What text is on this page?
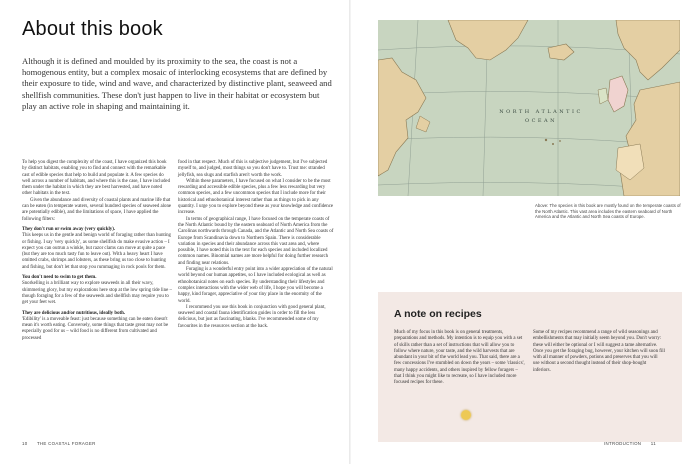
About this book

Although it is defined and moulded by its proximity to the sea, the coast is not a homogenous entity, but a complex mosaic of interlocking ecosystems that are defined by their exposure to tide, wind and wave, and characterized by distinctive plant, seaweed and shellfish communities. These don't just happen to live in their habitat or ecosystem but play an active role in shaping and maintaining it.

To help you digest the complexity of the coast, I have organized this book by distinct habitats, enabling you to find and connect with the remarkable cast of edible species that help to build and populate it. A few species do well across a number of habitats, and where this is the case, I have included them under the habitat in which they are best harvested, and have noted other habitats in the text.

Given the abundance and diversity of coastal plants and marine life that can be eaten (in temperate waters, several hundred species of seaweed alone are potentially edible), and the limitations of space, I have applied the following filters:

They don't run or swim away (very quickly).

This keeps us in the gentle and benign world of foraging rather than hunting or fishing. I say 'very quickly', as some shellfish do make evasive action – I expect you can outrun a winkle, but razor clams can move at quite a pace (but they are too much tasty fun to leave out). With a heavy heart I have omitted crabs, shrimps and lobsters, as these bring us too close to hunting and fishing, but don't let that stop you rummaging in rock pools for them.

You don't need to swim to get them.

Snorkelling is a brilliant way to explore seaweeds in all their wavy, shimmering glory, but my explorations here stop at the low spring tide line – though foraging for a few of the seaweeds and shellfish may require you to get your feet wet.

They are delicious and/or nutritious, ideally both.

'Edibility' is a moveable feast: just because something can be eaten doesn't mean it's worth eating. Conversely, some things that taste great may not be especially good for us – wild food is no different from cultivated and processed

food in that respect. Much of this is subjective judgement, but I've subjected myself to, and judged, most things so you don't have to. Trust me: stranded jellyfish, sea slugs and starfish aren't worth the work.

Within these parameters, I have focused on what I consider to be the most rewarding and accessible edible species, plus a few less rewarding but very common species, and a few uncommon species that I include more for their historical and ethnobotanical interest rather than as things to pick in any quantity. I urge you to explore beyond these as your knowledge and confidence increase.

In terms of geographical range, I have focused on the temperate coasts of the North Atlantic bound by the eastern seaboard of North America from the Carolinas northwards through Canada, and the Atlantic and North Sea coasts of Europe from Scandinavia down to Northern Spain. There is considerable variation in species and their abundance across this vast area and, where possible, I have noted this in the text for each species and included localized common names. Binomial names are more helpful for doing further research and finding near relations.

Foraging is a wonderful entry point into a wider appreciation of the natural world beyond our human appetites, so I have included ecological as well as ethnobotanical notes on each species. By understanding their lifestyles and complex interactions with the wider web of life, I hope you will become a happy, kind forager, appreciative of your tiny place in the enormity of the world.

I recommend you use this book in conjunction with good general plant, seaweed and coastal fauna identification guides in order to fill the less delicious, but just as fascinating, blanks. I've recommended some of my favourites in the resources section at the back.

10 THE COASTAL FORAGER
NORTH ATLANTIC
OCEAN

Above: The species in this book are mostly found on the temperate coasts of the North Atlantic. This vast area includes the eastern seaboard of North America and the Atlantic and North Sea coasts of Europe.

A note on recipes

Much of my focus in this book is on general treatments, preparations and methods. My intention is to equip you with a set of skills rather than a set of instructions that will allow you to follow where nature, your taste, and the wild harvests that are abundant in your bit of the world lead you. That said, there are a few concessions I've stumbled on down the years – some 'classics', many happy accidents, and others inspired by fellow foragers – that I think you might like to recreate, so I have included more focused recipes for these.

Some of my recipes recommend a range of wild seasonings and embellishments that may initially seem beyond you. Don't worry: these will either be optional or I will suggest a tame alternative. Once you get the foraging bug, however, your kitchen will soon fill with all manner of powders, potions and preserves that you will use without a second thought instead of their shop-bought inferiors.

INTRODUCTION 11
